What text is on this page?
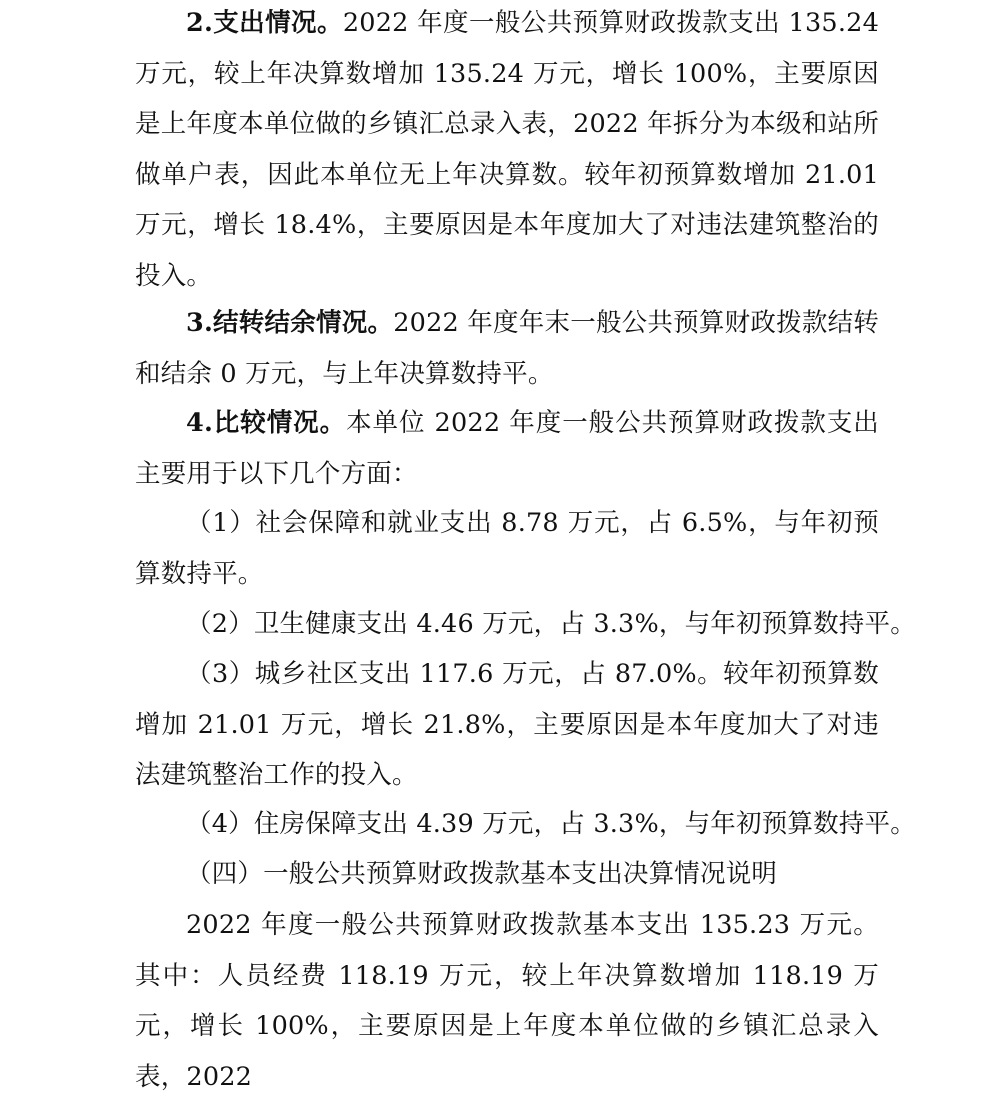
2.支出情况。2022 年度一般公共预算财政拨款支出 135.24 万元，较上年决算数增加 135.24 万元，增长 100%，主要原因是上年度本单位做的乡镇汇总录入表，2022 年拆分为本级和站所做单户表，因此本单位无上年决算数。较年初预算数增加 21.01 万元，增长 18.4%，主要原因是本年度加大了对违法建筑整治的投入。

3.结转结余情况。2022 年度年末一般公共预算财政拨款结转和结余 0 万元，与上年决算数持平。

4.比较情况。本单位 2022 年度一般公共预算财政拨款支出主要用于以下几个方面：

（1）社会保障和就业支出 8.78 万元，占 6.5%，与年初预算数持平。

（2）卫生健康支出 4.46 万元，占 3.3%，与年初预算数持平。

（3）城乡社区支出 117.6 万元，占 87.0%。较年初预算数增加 21.01 万元，增长 21.8%，主要原因是本年度加大了对违法建筑整治工作的投入。

（4）住房保障支出 4.39 万元，占 3.3%，与年初预算数持平。

（四）一般公共预算财政拨款基本支出决算情况说明

2022 年度一般公共预算财政拨款基本支出 135.23 万元。其中：人员经费 118.19 万元，较上年决算数增加 118.19 万元，增长 100%，主要原因是上年度本单位做的乡镇汇总录入表，2022
